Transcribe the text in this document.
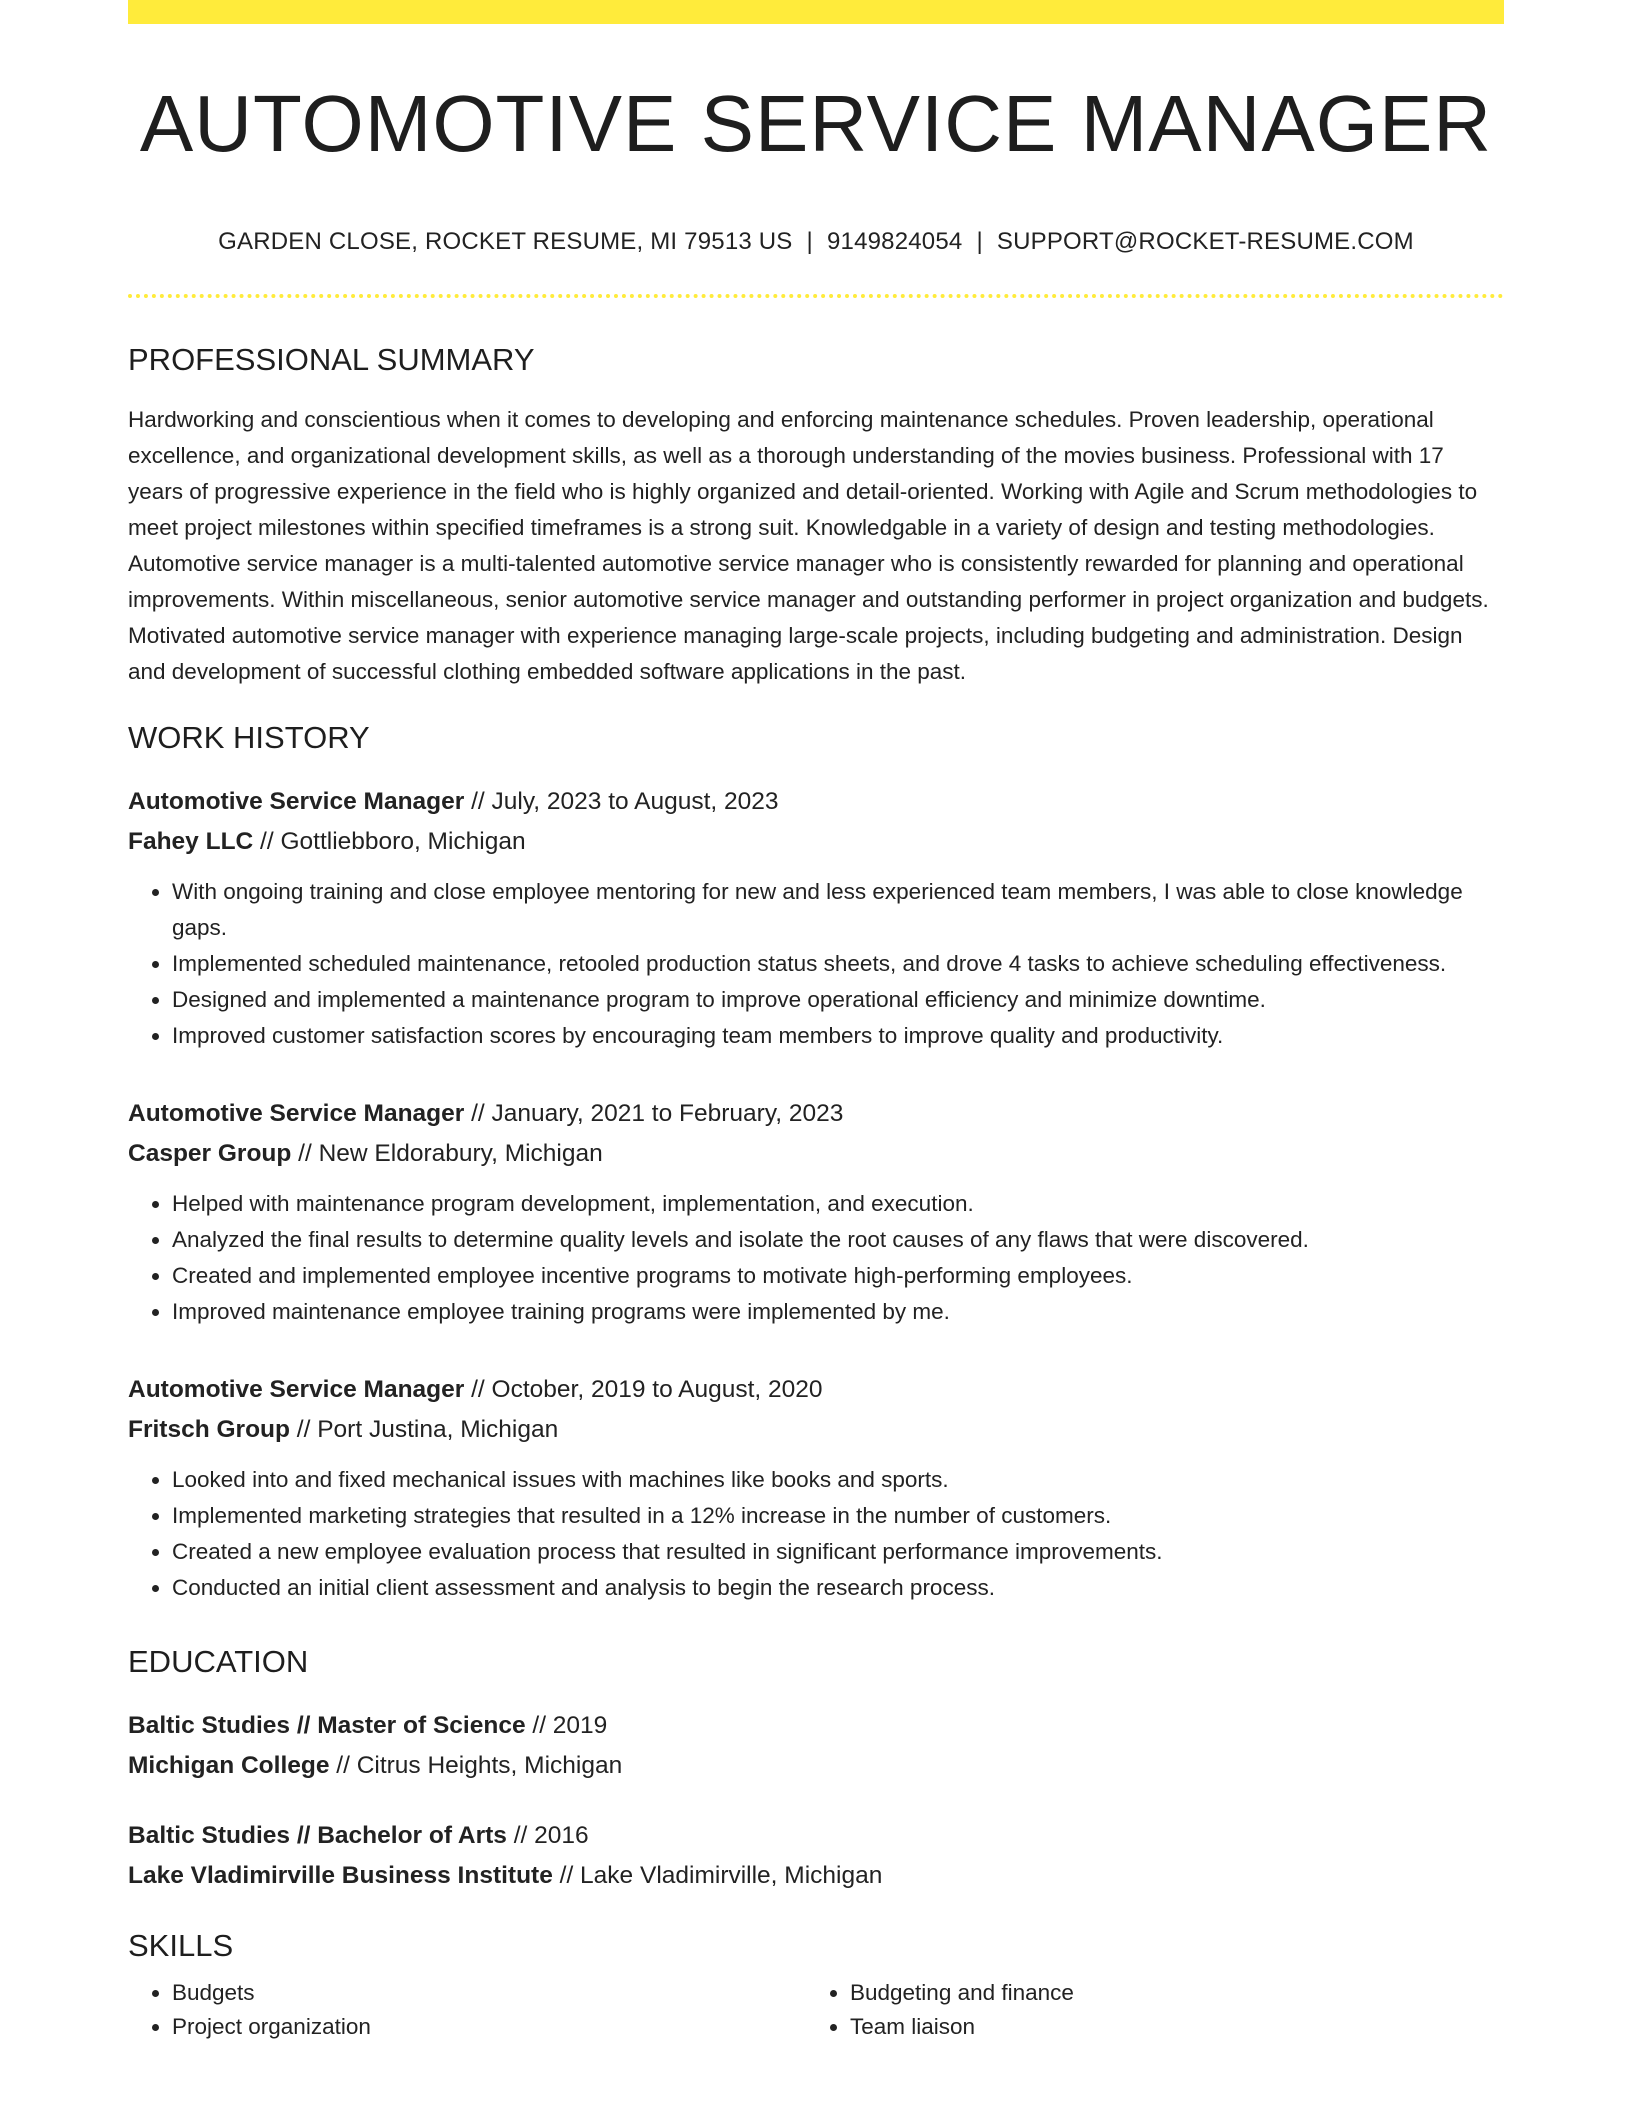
AUTOMOTIVE SERVICE MANAGER
GARDEN CLOSE, ROCKET RESUME, MI 79513 US | 9149824054 | SUPPORT@ROCKET-RESUME.COM
PROFESSIONAL SUMMARY

Hardworking and conscientious when it comes to developing and enforcing maintenance schedules. Proven leadership, operational excellence, and organizational development skills, as well as a thorough understanding of the movies business. Professional with 17 years of progressive experience in the field who is highly organized and detail-oriented. Working with Agile and Scrum methodologies to meet project milestones within specified timeframes is a strong suit. Knowledgable in a variety of design and testing methodologies. Automotive service manager is a multi-talented automotive service manager who is consistently rewarded for planning and operational improvements. Within miscellaneous, senior automotive service manager and outstanding performer in project organization and budgets. Motivated automotive service manager with experience managing large-scale projects, including budgeting and administration. Design and development of successful clothing embedded software applications in the past.

WORK HISTORY
Automotive Service Manager // July, 2023 to August, 2023
Fahey LLC // Gottliebboro, Michigan
• With ongoing training and close employee mentoring for new and less experienced team members, I was able to close knowledge gaps.
• Implemented scheduled maintenance, retooled production status sheets, and drove 4 tasks to achieve scheduling effectiveness.
• Designed and implemented a maintenance program to improve operational efficiency and minimize downtime.
• Improved customer satisfaction scores by encouraging team members to improve quality and productivity.
Automotive Service Manager // January, 2021 to February, 2023
Casper Group // New Eldorabury, Michigan
• Helped with maintenance program development, implementation, and execution.
• Analyzed the final results to determine quality levels and isolate the root causes of any flaws that were discovered.
• Created and implemented employee incentive programs to motivate high-performing employees.
• Improved maintenance employee training programs were implemented by me.
Automotive Service Manager // October, 2019 to August, 2020
Fritsch Group // Port Justina, Michigan
• Looked into and fixed mechanical issues with machines like books and sports.
• Implemented marketing strategies that resulted in a 12% increase in the number of customers.
• Created a new employee evaluation process that resulted in significant performance improvements.
• Conducted an initial client assessment and analysis to begin the research process.
EDUCATION
Baltic Studies // Master of Science // 2019
Michigan College // Citrus Heights, Michigan
Baltic Studies // Bachelor of Arts // 2016
Lake Vladimirville Business Institute // Lake Vladimirville, Michigan
SKILLS
• Budgets
• Project organization
• Budgeting and finance
• Team liaison
